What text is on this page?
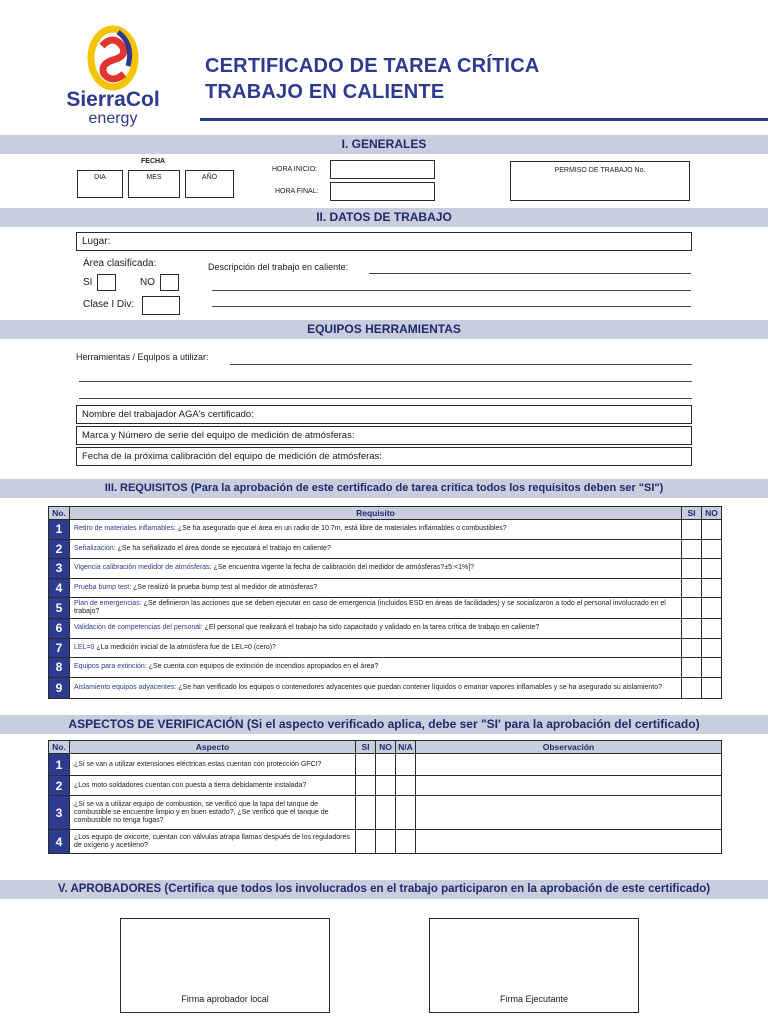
SierraCol
energy
CERTIFICADO DE TAREA CRÍTICA
TRABAJO EN CALIENTE
I. GENERALES
FECHA
DIA	MES	AÑO
HORA INICIO:
HORA FINAL:
PERMISO DE TRABAJO No.
II. DATOS DE TRABAJO
Lugar:
Área clasificada:
SI	NO
Clase I Div:
Descripción del trabajo en caliente:
EQUIPOS HERRAMIENTAS
Herramientas / Equipos a utilizar:
Nombre del trabajador AGA's certificado:
Marca y Número de serie del equipo de medición de atmósferas:
Fecha de la próxima calibración del equipo de medición de atmósferas:
III. REQUISITOS (Para la aprobación de este certificado de tarea critica todos los requisitos deben ser "SI")
No.	Requisito	SI	NO
1	Retiro de materiales inflamables: ¿Se ha asegurado que el área en un radio de 10.7m, está libre de materiales inflamables o combustibles?		
2	Señalización: ¿Se ha señalizado el área donde se ejecutará el trabajo en caliente?		
3	Vigencia calibración medidor de atmósferas: ¿Se encuentra vigente la fecha de calibración del medidor de atmósferas?±5:<1%]?		
4	Prueba bump test: ¿Se realizó la prueba bump test al medidor de atmósferas?		
5	Plan de emergencias: ¿Se definieron las acciones que se deben ejecutar en caso de emergencia (incluidos ESD en áreas de facilidades) y se socializaron a todo el personal involucrado en el trabajo?		
6	Validación de competencias del personal: ¿El personal que realizará el trabajo ha sido capacitado y validado en la tarea crítica de trabajo en caliente?		
7	LEL=0 ¿La medición inicial de la atmósfera fue de LEL=0 (cero)?		
8	Equipos para extinción: ¿Se cuenta con equipos de extinción de incendios apropiados en el área?		
9	Aislamiento equipos adyacentes: ¿Se han verificado los equipos o contenedores adyacentes que puedan contener líquidos o emanar vapores inflamables y se ha asegurado su aislamiento?		
ASPECTOS DE VERIFICACIÓN (Si el aspecto verificado aplica, debe ser "SI' para la aprobación del certificado)
No.	Aspecto	SI	NO	N/A	Observación
1	¿Si se van a utilizar extensiones eléctricas estas cuentan con protección GFCI?				
2	¿Los moto soldadores cuentan con puesta a tierra debidamente instalada?				
3	¿Si se va a utilizar equipo de combustión, se verificó que la tapa del tanque de combustible se encuentre limpio y en buen estado?, ¿Se verificó que el tanque de combustible no tenga fugas?				
4	¿Los equipo de oxicorte, cuentan con válvulas atrapa llamas después de los reguladores de oxígeno y acetileno?				
V. APROBADORES (Certifica que todos los involucrados en el trabajo participaron en la aprobación de este certificado)
Firma aprobador local	Firma Ejecutante
